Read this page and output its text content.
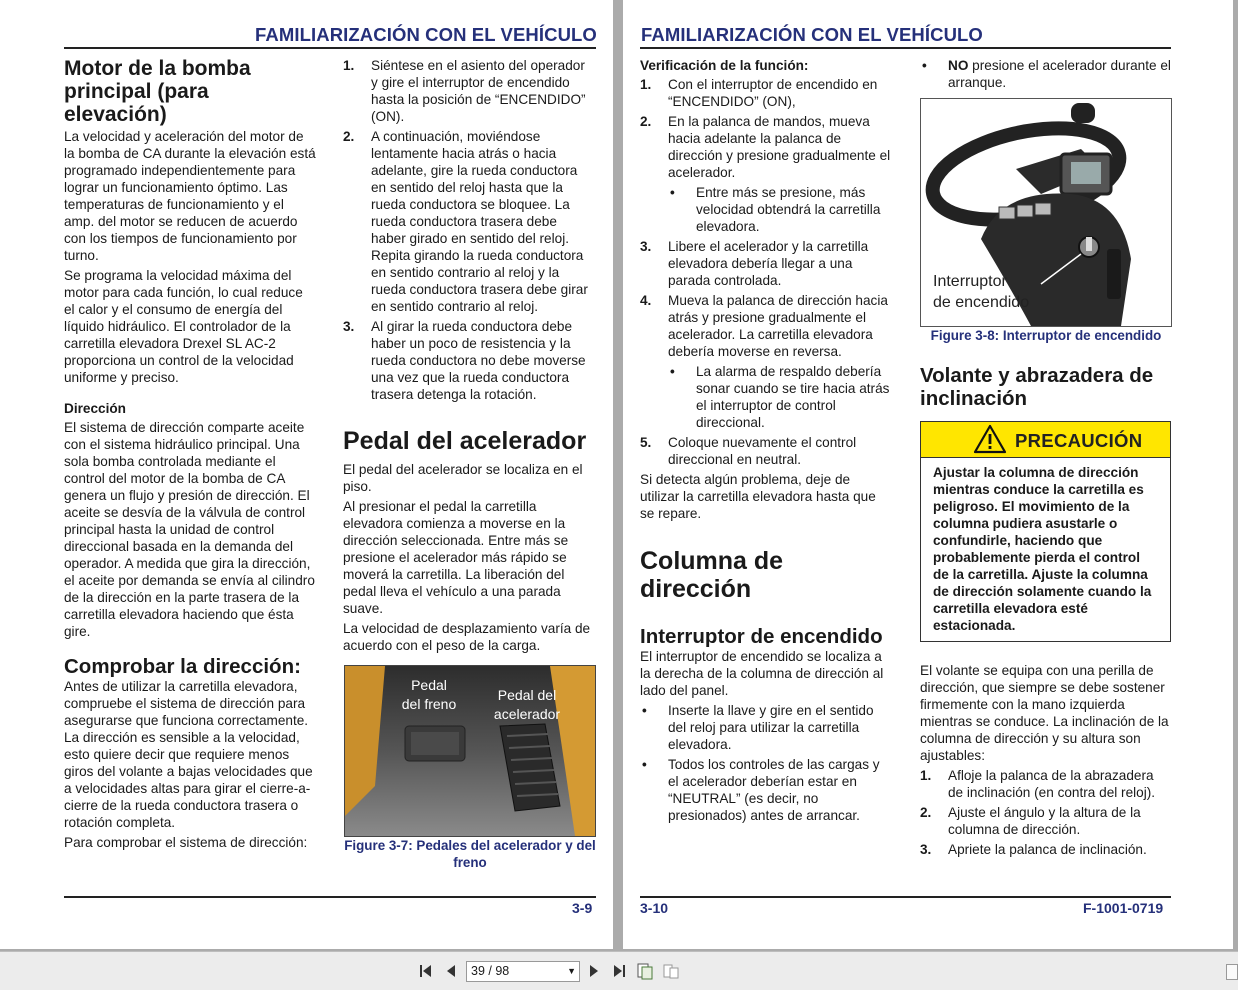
FAMILIARIZACIÓN CON EL VEHÍCULO
Motor de la bomba principal (para elevación)

La velocidad y aceleración del motor de la bomba de CA durante la elevación está programado independientemente para lograr un funcionamiento óptimo. Las temperaturas de funcionamiento y el amp. del motor se reducen de acuerdo con los tiempos de funcionamiento por turno.

Se programa la velocidad máxima del motor para cada función, lo cual reduce el calor y el consumo de energía del líquido hidráulico. El controlador de la carretilla elevadora Drexel SL AC-2 proporciona un control de la velocidad uniforme y preciso.

Dirección

El sistema de dirección comparte aceite con el sistema hidráulico principal. Una sola bomba controlada mediante el control del motor de la bomba de CA genera un flujo y presión de dirección. El aceite se desvía de la válvula de control principal hasta la unidad de control direccional basada en la demanda del operador. A medida que gira la dirección, el aceite por demanda se envía al cilindro de la dirección en la parte trasera de la carretilla elevadora haciendo que ésta gire.

Comprobar la dirección:

Antes de utilizar la carretilla elevadora, compruebe el sistema de dirección para asegurarse que funciona correctamente. La dirección es sensible a la velocidad, esto quiere decir que requiere menos giros del volante a bajas velocidades que a velocidades altas para girar el cierre-a-cierre de la rueda conductora trasera o rotación completa.

Para comprobar el sistema de dirección:

1. Siéntese en el asiento del operador y gire el interruptor de encendido hasta la posición de “ENCENDIDO” (ON).
2. A continuación, moviéndose lentamente hacia atrás o hacia adelante, gire la rueda conductora en sentido del reloj hasta que la rueda conductora se bloquee. La rueda conductora trasera debe haber girado en sentido del reloj. Repita girando la rueda conductora en sentido contrario al reloj y la rueda conductora trasera debe girar en sentido contrario al reloj.
3. Al girar la rueda conductora debe haber un poco de resistencia y la rueda conductora no debe moverse una vez que la rueda conductora trasera detenga la rotación.
Pedal del acelerador

El pedal del acelerador se localiza en el piso.

Al presionar el pedal la carretilla elevadora comienza a moverse en la dirección seleccionada. Entre más se presione el acelerador más rápido se moverá la carretilla. La liberación del pedal lleva el vehículo a una parada suave.

La velocidad de desplazamiento varía de acuerdo con el peso de la carga.

Pedal
del freno
Pedal del
acelerador
Figure 3-7: Pedales del acelerador y del freno
3-9
FAMILIARIZACIÓN CON EL VEHÍCULO
Verificación de la función:
1. Con el interruptor de encendido en “ENCENDIDO” (ON),
2. En la palanca de mandos, mueva hacia adelante la palanca de dirección y presione gradualmente el acelerador.
• Entre más se presione, más velocidad obtendrá la carretilla elevadora.
3. Libere el acelerador y la carretilla elevadora debería llegar a una parada controlada.
4. Mueva la palanca de dirección hacia atrás y presione gradualmente el acelerador. La carretilla elevadora debería moverse en reversa.
• La alarma de respaldo debería sonar cuando se tire hacia atrás el interruptor de control direccional.
5. Coloque nuevamente el control direccional en neutral.

Si detecta algún problema, deje de utilizar la carretilla elevadora hasta que se repare.

Columna de dirección
Interruptor de encendido

El interruptor de encendido se localiza a la derecha de la columna de dirección al lado del panel.

• Inserte la llave y gire en el sentido del reloj para utilizar la carretilla elevadora.
• Todos los controles de las cargas y el acelerador deberían estar en “NEUTRAL” (es decir, no presionados) antes de arrancar.
• NO presione el acelerador durante el arranque.
Interruptor
de encendido
Figure 3-8: Interruptor de encendido
Volante y abrazadera de inclinación
PRECAUCIÓN
Ajustar la columna de dirección mientras conduce la carretilla es peligroso. El movimiento de la columna pudiera asustarle o confundirle, haciendo que probablemente pierda el control de la carretilla. Ajuste la columna de dirección solamente cuando la carretilla elevadora esté estacionada.

El volante se equipa con una perilla de dirección, que siempre se debe sostener firmemente con la mano izquierda mientras se conduce. La inclinación de la columna de dirección y su altura son ajustables:

1. Afloje la palanca de la abrazadera de inclinación (en contra del reloj).
2. Ajuste el ángulo y la altura de la columna de dirección.
3. Apriete la palanca de inclinación.
3-10	F-1001-0719
39 / 98	▼
